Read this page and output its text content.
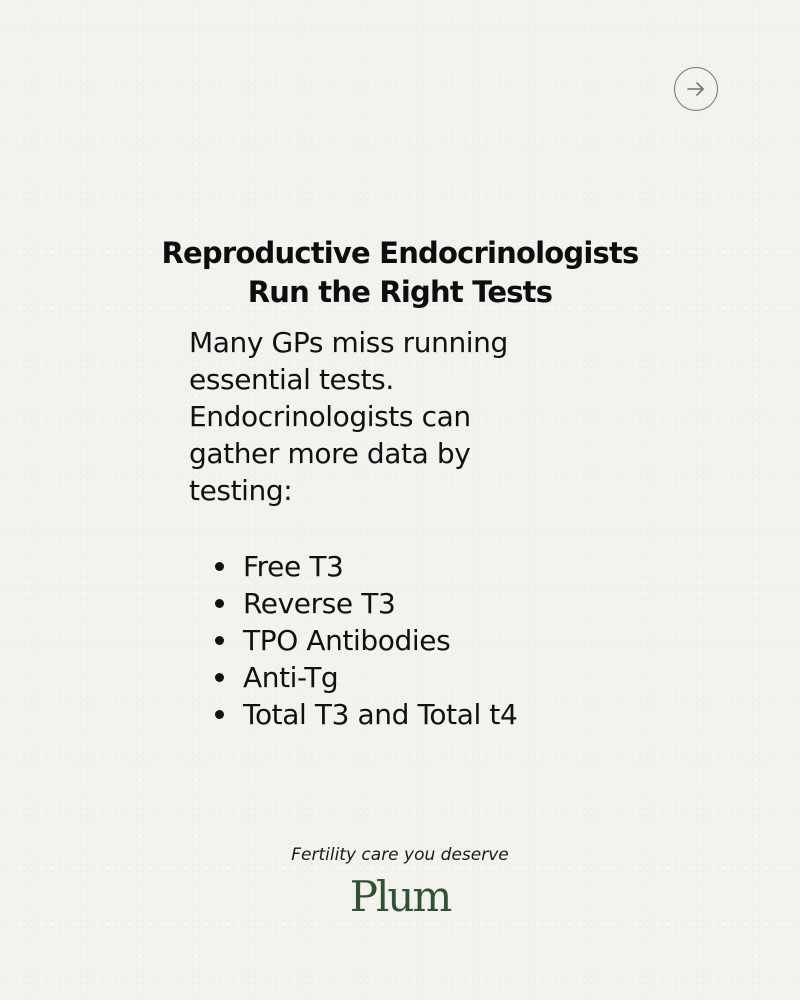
Reproductive Endocrinologists
Run the Right Tests

Many GPs miss running
essential tests.
Endocrinologists can
gather more data by
testing:

Free T3
Reverse T3
TPO Antibodies
Anti-Tg
Total T3 and Total t4
Fertility care you deserve
Plum
